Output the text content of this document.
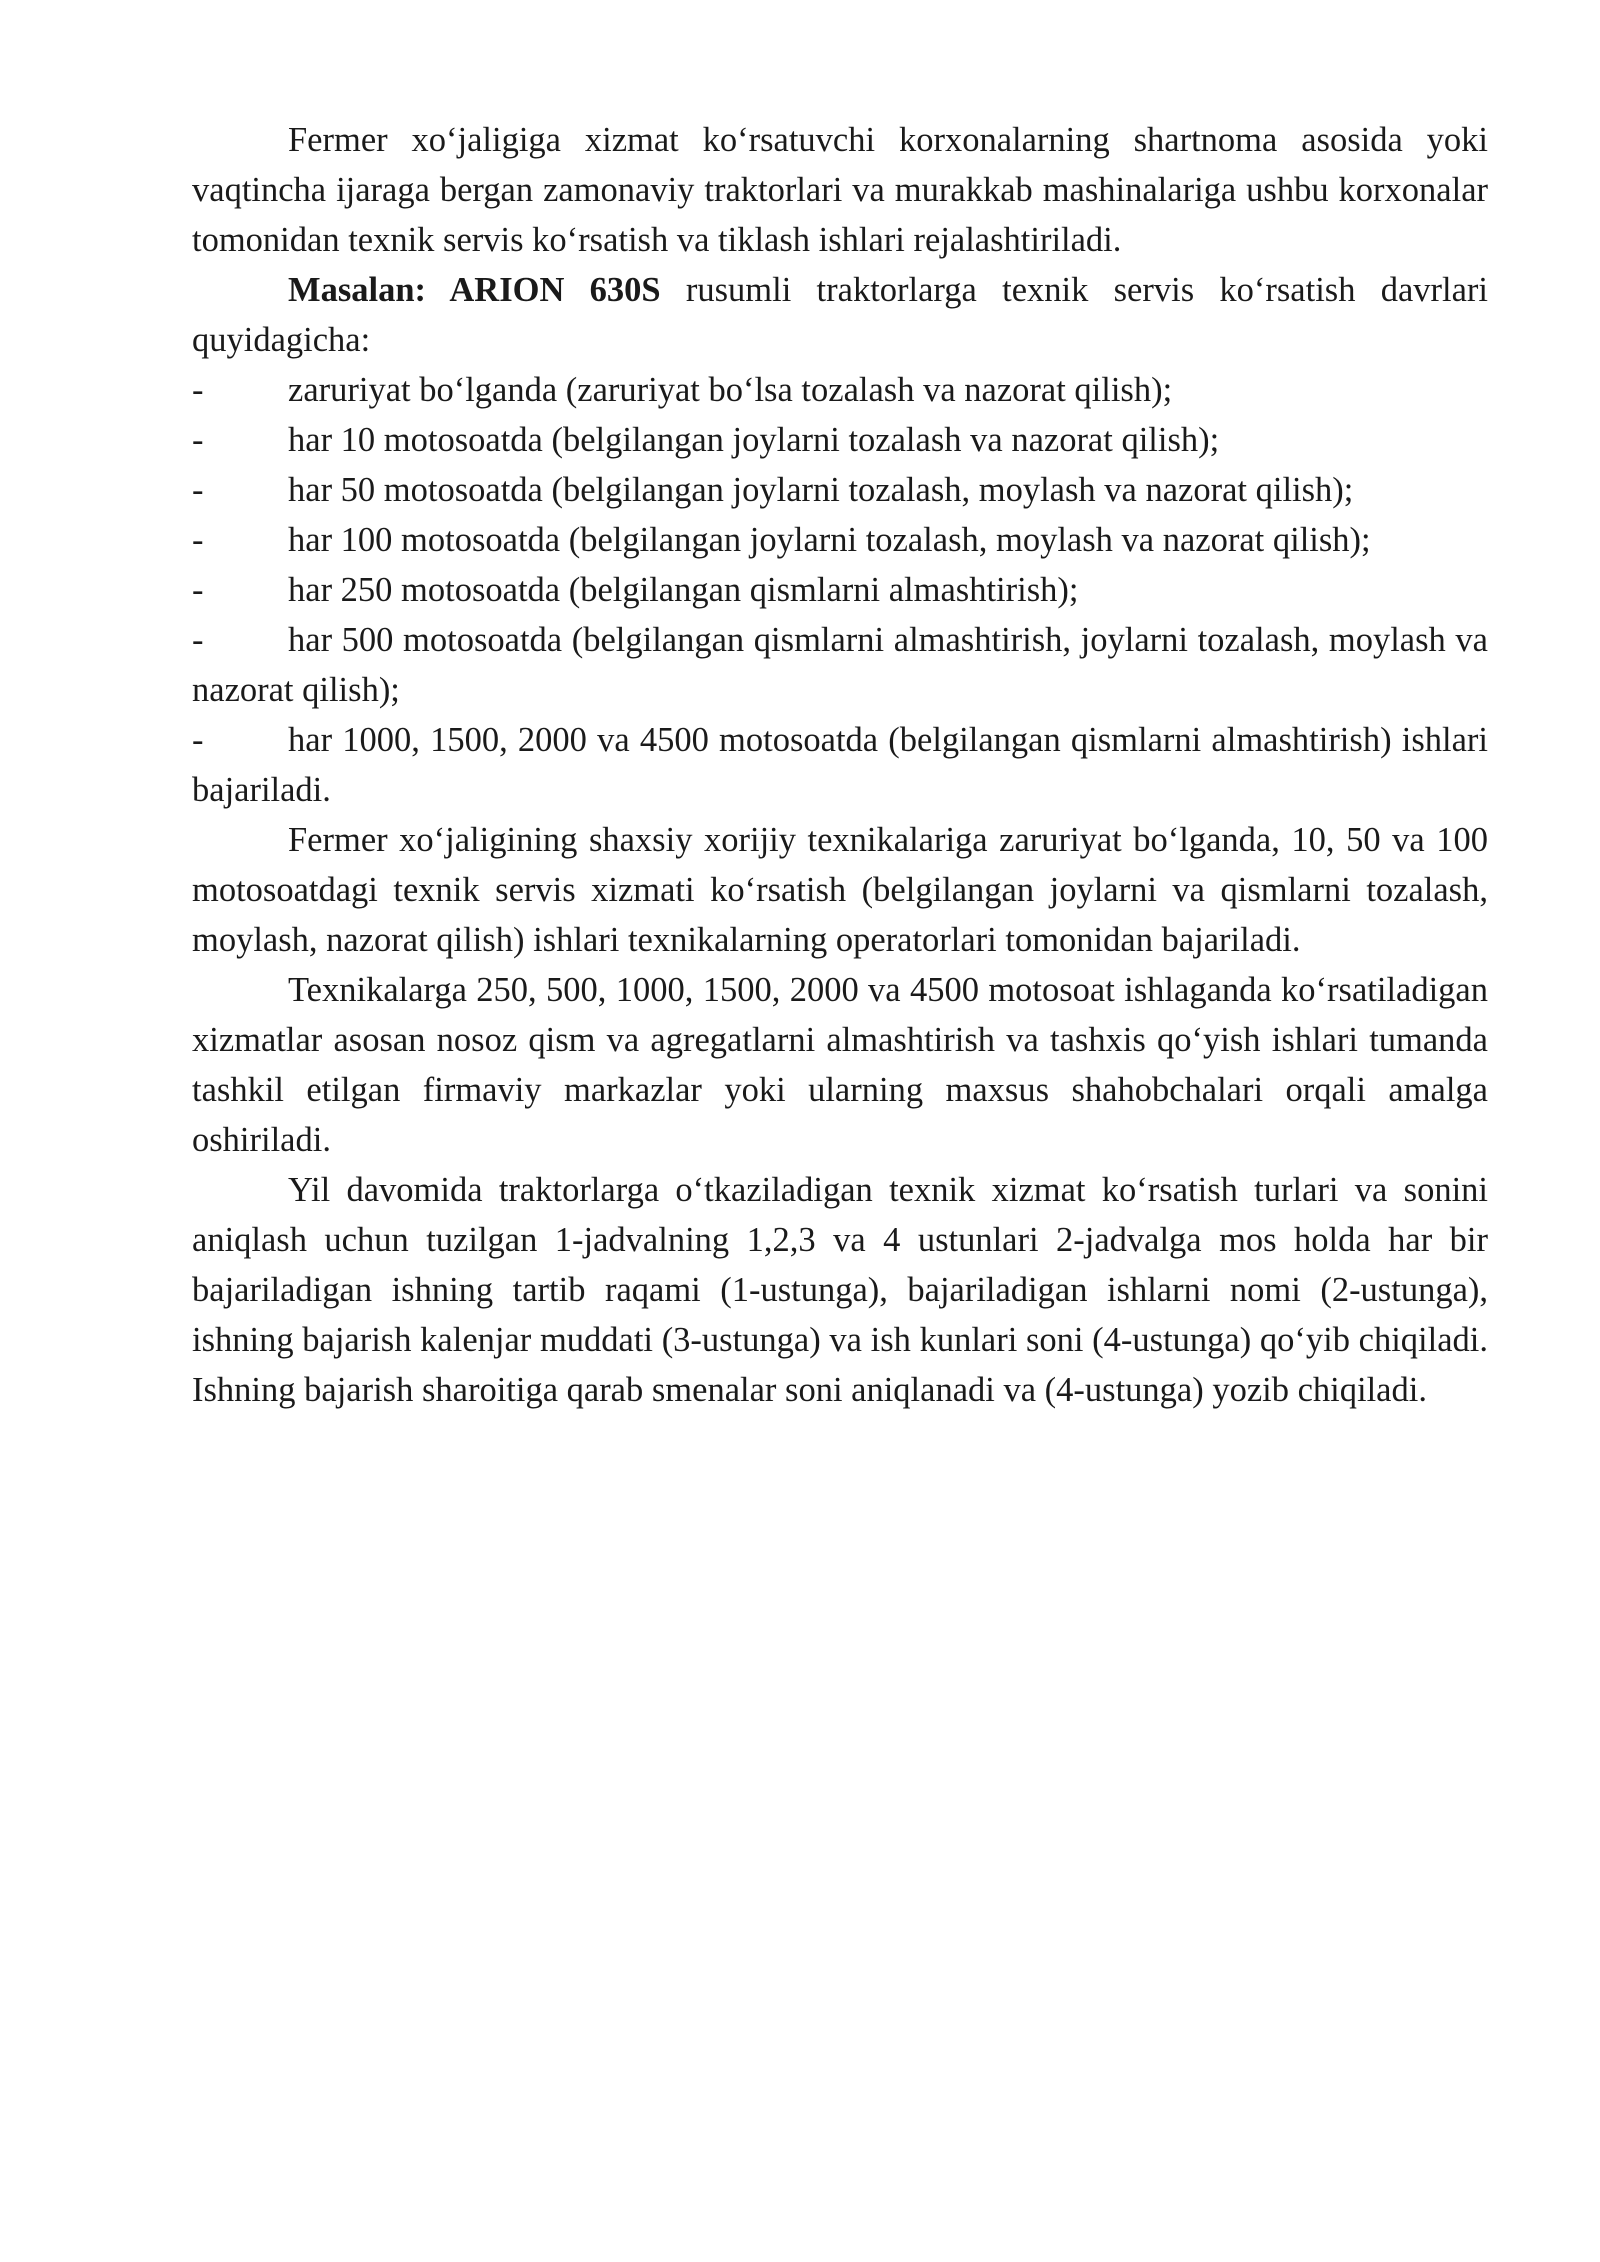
Fermer xo‘jaligiga xizmat ko‘rsatuvchi korxonalarning shartnoma asosida yoki vaqtincha ijaraga bergan zamonaviy traktorlari va murakkab mashinalariga ushbu korxonalar tomonidan texnik servis ko‘rsatish va tiklash ishlari rejalashtiriladi.

Masalan: ARION 630S rusumli traktorlarga texnik servis ko‘rsatish davrlari quyidagicha:

- zaruriyat bo‘lganda (zaruriyat bo‘lsa tozalash va nazorat qilish);
- har 10 motosoatda (belgilangan joylarni tozalash va nazorat qilish);
- har 50 motosoatda (belgilangan joylarni tozalash, moylash va nazorat qilish);
- har 100 motosoatda (belgilangan joylarni tozalash, moylash va nazorat qilish);
- har 250 motosoatda (belgilangan qismlarni almashtirish);
- har 500 motosoatda (belgilangan qismlarni almashtirish, joylarni tozalash, moylash va nazorat qilish);
- har 1000, 1500, 2000 va 4500 motosoatda (belgilangan qismlarni almashtirish) ishlari bajariladi.

Fermer xo‘jaligining shaxsiy xorijiy texnikalariga zaruriyat bo‘lganda, 10, 50 va 100 motosoatdagi texnik servis xizmati ko‘rsatish (belgilangan joylarni va qismlarni tozalash, moylash, nazorat qilish) ishlari texnikalarning operatorlari tomonidan bajariladi.

Texnikalarga 250, 500, 1000, 1500, 2000 va 4500 motosoat ishlaganda ko‘rsatiladigan xizmatlar asosan nosoz qism va agregatlarni almashtirish va tashxis qo‘yish ishlari tumanda tashkil etilgan firmaviy markazlar yoki ularning maxsus shahobchalari orqali amalga oshiriladi.

Yil davomida traktorlarga o‘tkaziladigan texnik xizmat ko‘rsatish turlari va sonini aniqlash uchun tuzilgan 1-jadvalning 1,2,3 va 4 ustunlari 2-jadvalga mos holda har bir bajariladigan ishning tartib raqami (1-ustunga), bajariladigan ishlarni nomi (2-ustunga), ishning bajarish kalenjar muddati (3-ustunga) va ish kunlari soni (4-ustunga) qo‘yib chiqiladi. Ishning bajarish sharoitiga qarab smenalar soni aniqlanadi va (4-ustunga) yozib chiqiladi.
